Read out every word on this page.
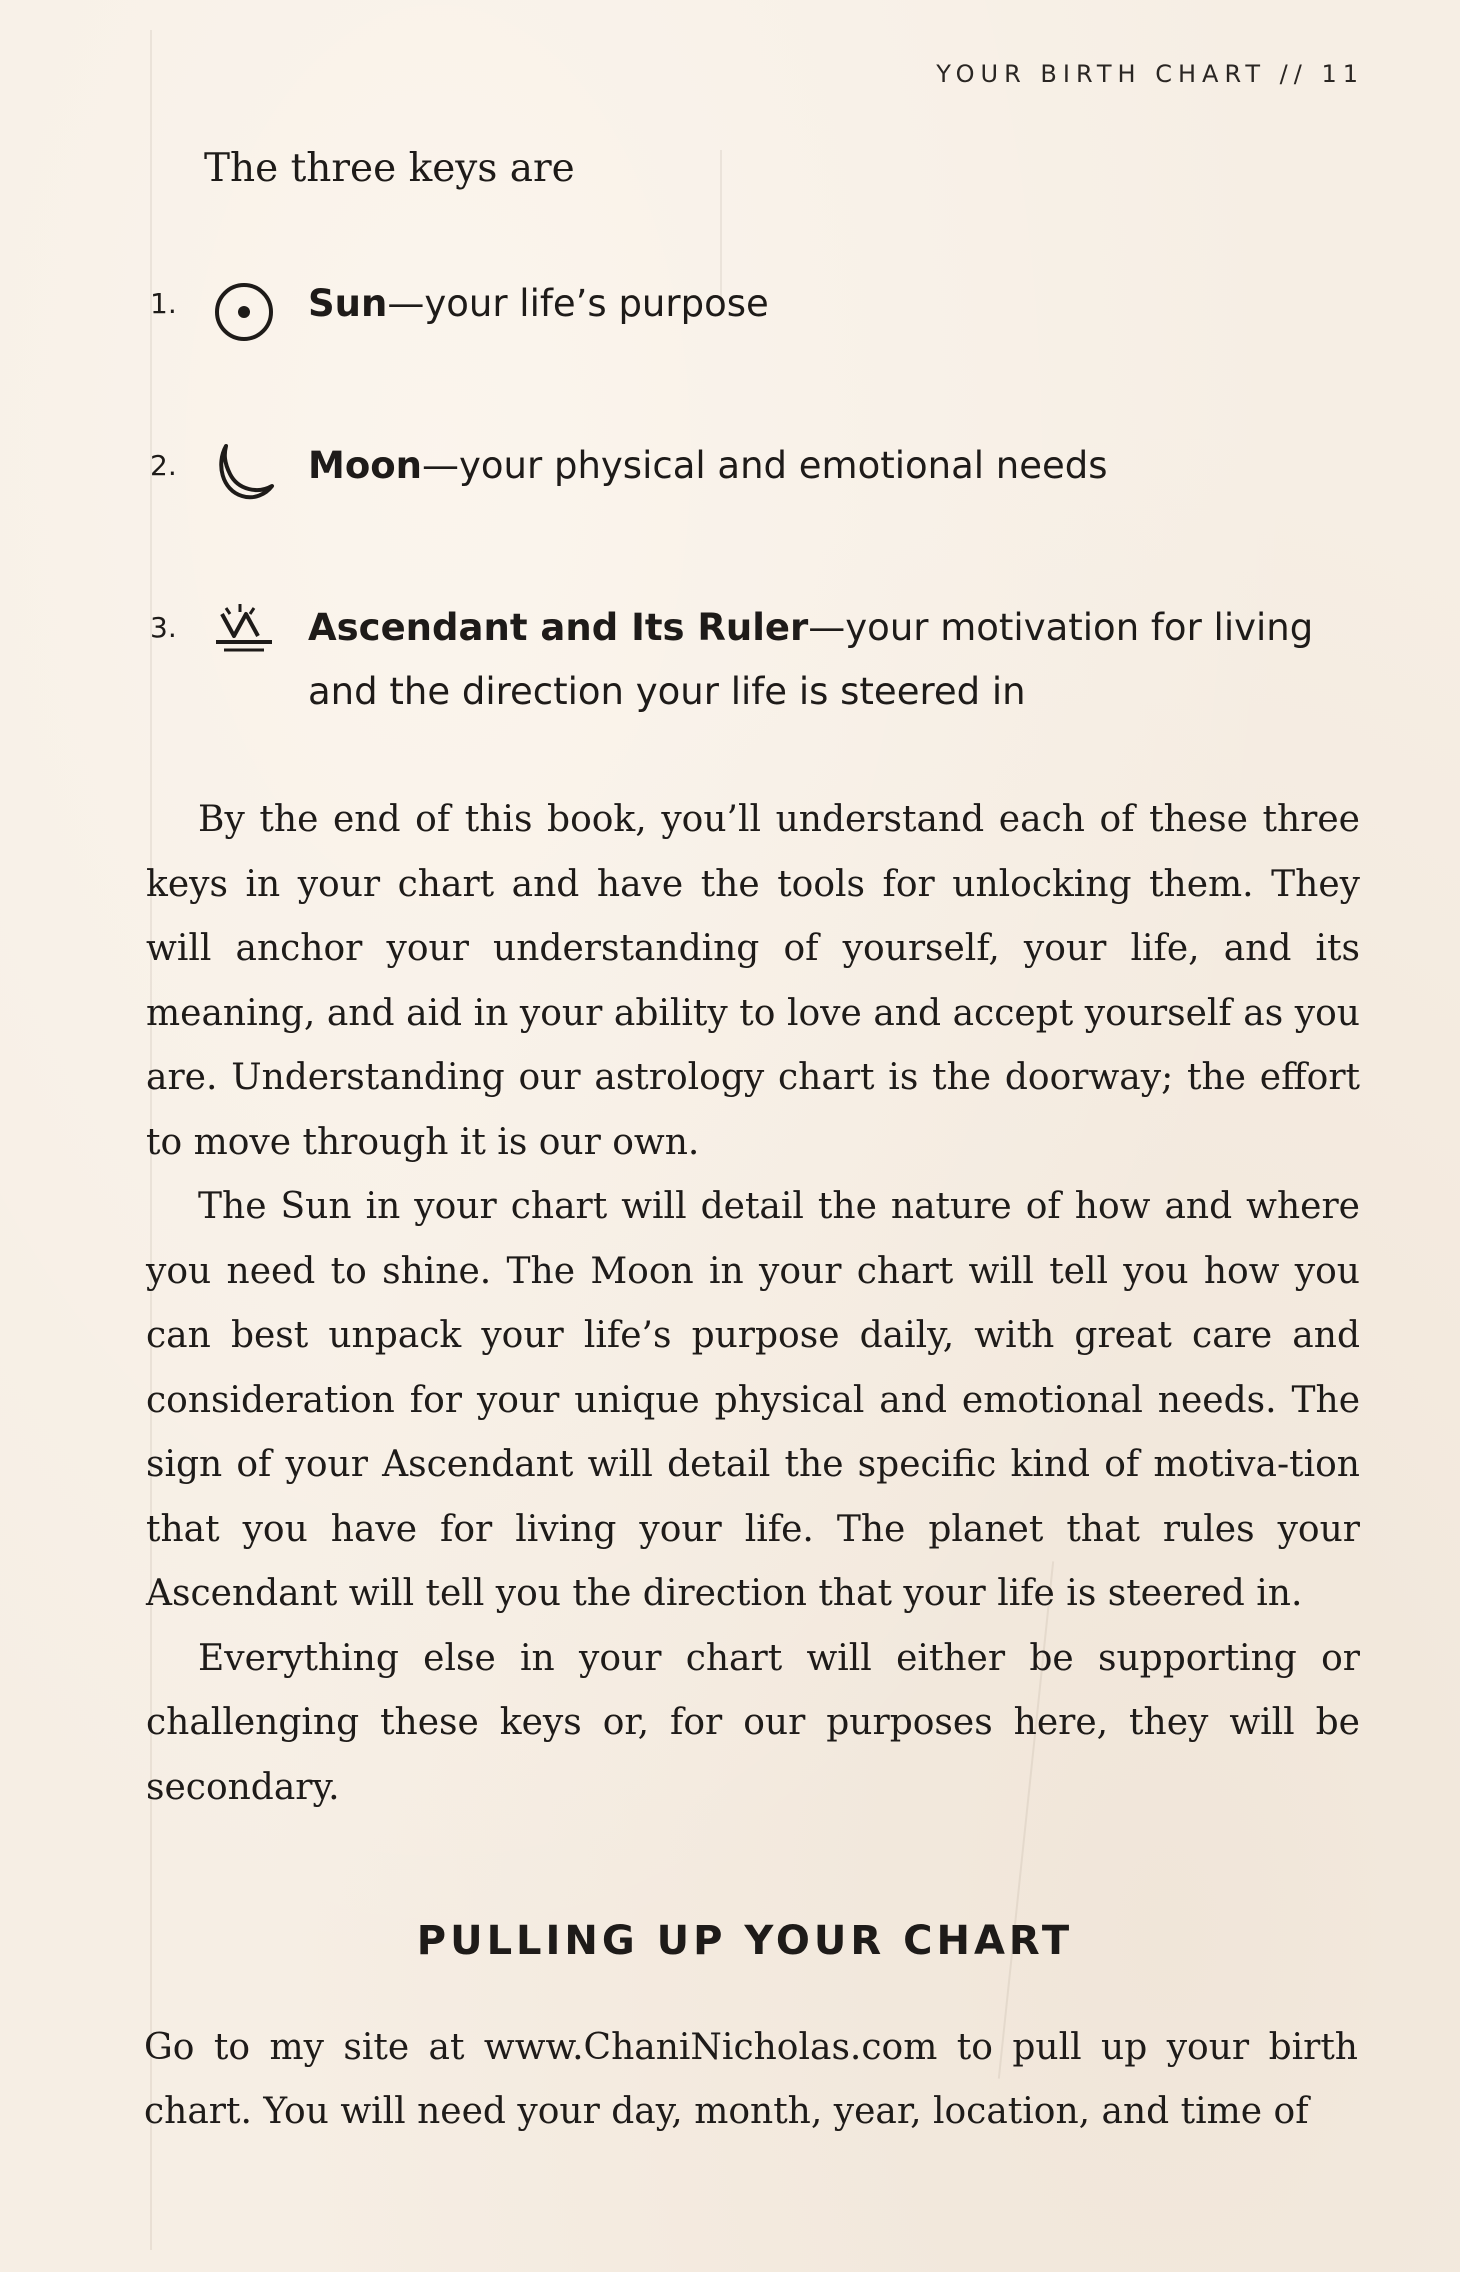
YOUR BIRTH CHART // 11
The three keys are
1.	Sun—your life’s purpose
2.	Moon—your physical and emotional needs
3.	Ascendant and Its Ruler—your motivation for living and the direction your life is steered in

By the end of this book, you’ll understand each of these three keys in your chart and have the tools for unlocking them. They will anchor your understanding of yourself, your life, and its meaning, and aid in your ability to love and accept yourself as you are. Understanding our astrology chart is the doorway; the effort to move through it is our own.

The Sun in your chart will detail the nature of how and where you need to shine. The Moon in your chart will tell you how you can best unpack your life’s purpose daily, with great care and consideration for your unique physical and emotional needs. The sign of your Ascendant will detail the specific kind of motiva-tion that you have for living your life. The planet that rules your Ascendant will tell you the direction that your life is steered in.

Everything else in your chart will either be supporting or challenging these keys or, for our purposes here, they will be secondary.

PULLING UP YOUR CHART

Go to my site at www.ChaniNicholas.com to pull up your birth chart. You will need your day, month, year, location, and time of
